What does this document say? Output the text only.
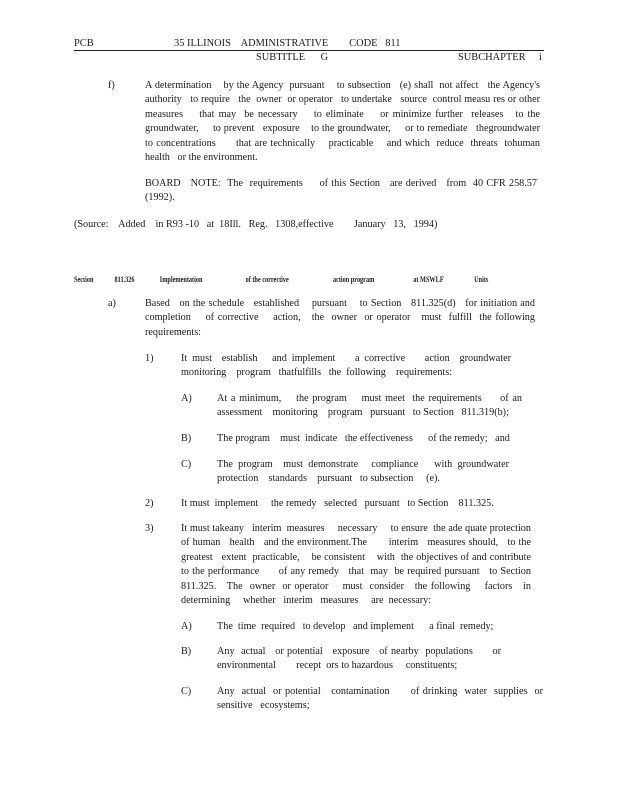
PCB	35 ILLINOIS    ADMINISTRATIVE        CODE   811
SUBTITLE      G	SUBCHAPTER i
f)	A determination    by the Agency  pursuant    to subsection   (e) shall  not affect   the Agency's  authority   to require   the  owner  or operator   to undertake   source  control measu res or other  measures    that may  be necessary    to eliminate    or minimize further  releases   to the groundwater,     to prevent   exposure    to the groundwater,     or to remediate   thegroundwater      to concentrations      that are technically    practicable    and which  reduce  threats  tohuman   health   or the environment.
BOARD   NOTE:  The  requirements     of this Section   are derived   from  40 CFR 258.57   (1992).
(Source:    Added    in R93 -10   at  18Ill.   Reg.   1308,effective        January   13,   1994)
Section	811.326	Implementation	of the corrective	action program	at MSWLF	Units
a)	Based   on the schedule   established    pursuant    to Section   811.325(d)   for initiation and completion    of corrective    action,   the  owner  or operator   must  fulfill  the following    requirements:
1)	It must  establish   and implement    a corrective    action  groundwater monitoring    program   thatfulfills   the  following    requirements:
A) At a minimum,    the program    must meet  the requirements     of an assessment    monitoring    program   pursuant   to Section   811.319(b);
B)	The program    must  indicate   the effectiveness      of the remedy;   and
C)	The  program    must  demonstrate     compliance      with  groundwater protection    standards    pursuant   to subsection     (e).
2)	It must  implement     the remedy   selected   pursuant   to Section    811.325.
3)	It must takeany   interim  measures     necessary     to ensure  the ade quate protection   of human   health   and the environment.The       interim   measures should,   to the greatest   extent  practicable,    be consistent    with  the objectives of and contribute    to the performance      of any remedy   that  may  be required pursuant   to Section   811.325.   The  owner  or operator    must  consider   the following    factors   in determining     whether   interim   measures     are  necessary:
A) The  time  required   to develop   and implement      a final  remedy;
B)	Any  actual   or potential   exposure   of nearby  populations      or environmental        recept  ors to hazardous     constituents;
C)	Any  actual  or potential   contamination      of drinking  water  supplies  or sensitive   ecosystems;
